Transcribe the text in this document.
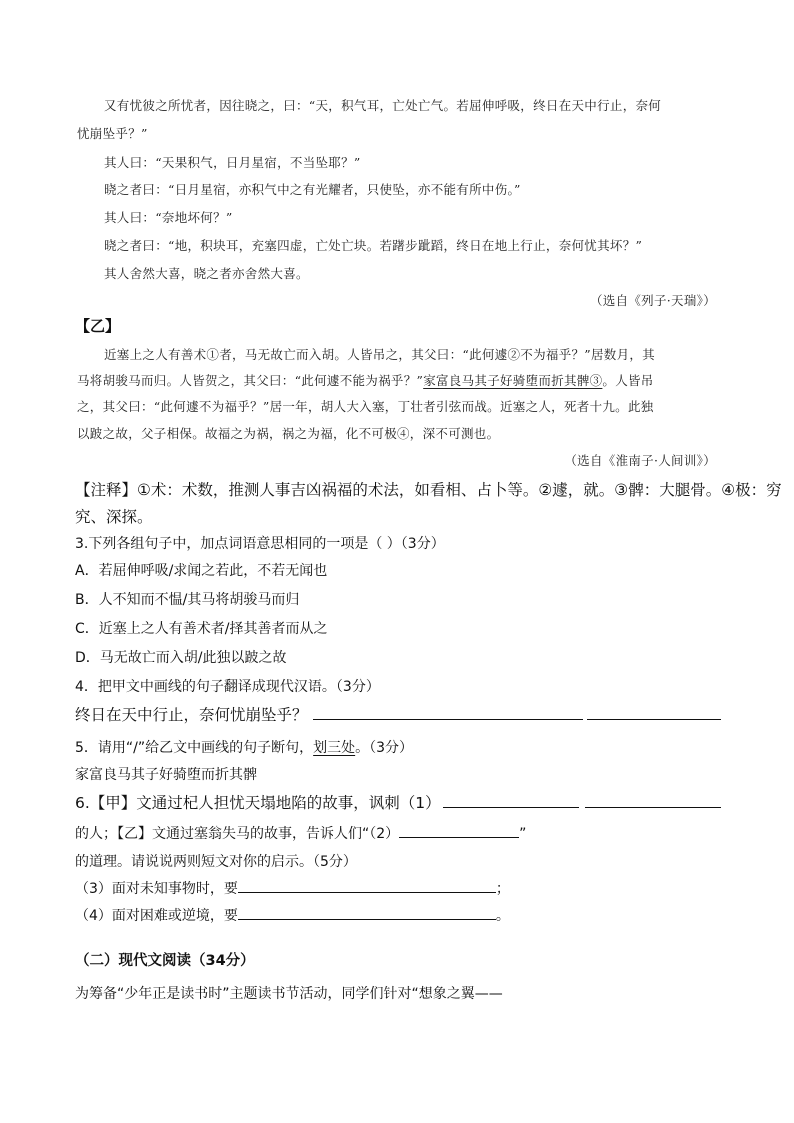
又有忧彼之所忧者，因往晓之，曰：“天，积气耳，亡处亡气。若屈伸呼吸，终日在天中行止，奈何
忧崩坠乎？”
其人曰：“天果积气，日月星宿，不当坠耶？”
晓之者曰：“日月星宿，亦积气中之有光耀者，只使坠，亦不能有所中伤。”
其人曰：“奈地坏何？”
晓之者曰：“地，积块耳，充塞四虚，亡处亡块。若躇步跐蹈，终日在地上行止，奈何忧其坏？”
其人舍然大喜，晓之者亦舍然大喜。
（选自《列子·天瑞》）
【乙】
近塞上之人有善术①者，马无故亡而入胡。人皆吊之，其父曰：“此何遽②不为福乎？”居数月，其
马将胡骏马而归。人皆贺之，其父曰：“此何遽不能为祸乎？”家富良马其子好骑堕而折其髀③。人皆吊
之，其父曰：“此何遽不为福乎？”居一年，胡人大入塞，丁壮者引弦而战。近塞之人，死者十九。此独
以跛之故，父子相保。故福之为祸，祸之为福，化不可极④，深不可测也。
（选自《淮南子·人间训》）
【注释】①术：术数，推测人事吉凶祸福的术法，如看相、占卜等。②遽，就。③髀：大腿骨。④极：穷
究、深探。
3.下列各组句子中，加点词语意思相同的一项是（ ）（3分）
A．若屈伸呼吸/求闻之若此，不若无闻也
B．人不知而不愠/其马将胡骏马而归
C．近塞上之人有善术者/择其善者而从之
D．马无故亡而入胡/此独以跛之故
4．把甲文中画线的句子翻译成现代汉语。（3分）
终日在天中行止，奈何忧崩坠乎？
5．请用“/”给乙文中画线的句子断句，划三处。（3分）
家富良马其子好骑堕而折其髀
6.【甲】文通过杞人担忧天塌地陷的故事，讽刺（1）
的人；【乙】文通过塞翁失马的故事，告诉人们“（2）	”
的道理。请说说两则短文对你的启示。（5分）
（3）面对未知事物时，要	；
（4）面对困难或逆境，要	。
（二）现代文阅读（34分）
为筹备“少年正是读书时”主题读书节活动，同学们针对“想象之翼——
